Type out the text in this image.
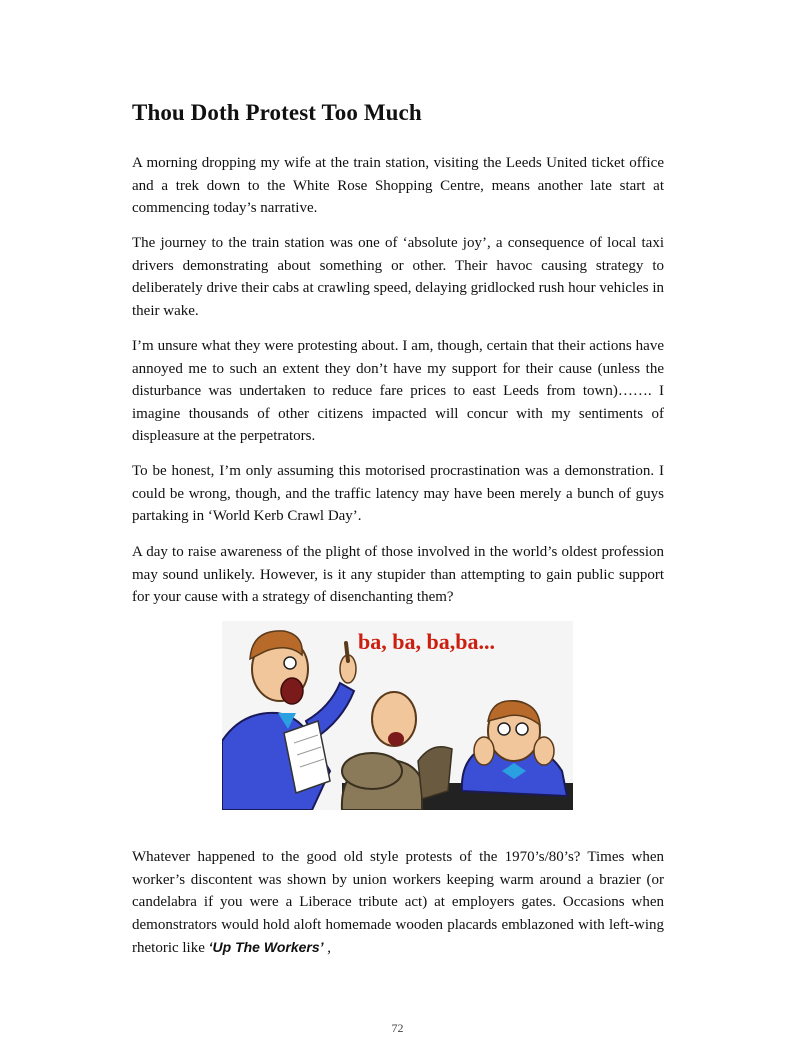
Thou Doth Protest Too Much

A morning dropping my wife at the train station, visiting the Leeds United ticket office and a trek down to the White Rose Shopping Centre, means another late start at commencing today’s narrative.

The journey to the train station was one of ‘absolute joy’, a consequence of local taxi drivers demonstrating about something or other. Their havoc causing strategy to deliberately drive their cabs at crawling speed, delaying gridlocked rush hour vehicles in their wake.

I’m unsure what they were protesting about. I am, though, certain that their actions have annoyed me to such an extent they don’t have my support for their cause (unless the disturbance was undertaken to reduce fare prices to east Leeds from town)……. I imagine thousands of other citizens impacted will concur with my sentiments of displeasure at the perpetrators.

To be honest, I’m only assuming this motorised procrastination was a demonstration. I could be wrong, though, and the traffic latency may have been merely a bunch of guys partaking in ‘World Kerb Crawl Day’.

A day to raise awareness of the plight of those involved in the world’s oldest profession may sound unlikely. However, is it any stupider than attempting to gain public support for your cause with a strategy of disenchanting them?

ba, ba, ba,ba...

Whatever happened to the good old style protests of the 1970’s/80’s? Times when worker’s discontent was shown by union workers keeping warm around a brazier (or candelabra if you were a Liberace tribute act) at employers gates. Occasions when demonstrators would hold aloft homemade wooden placards emblazoned with left-wing rhetoric like ‘Up The Workers’ ,

72
